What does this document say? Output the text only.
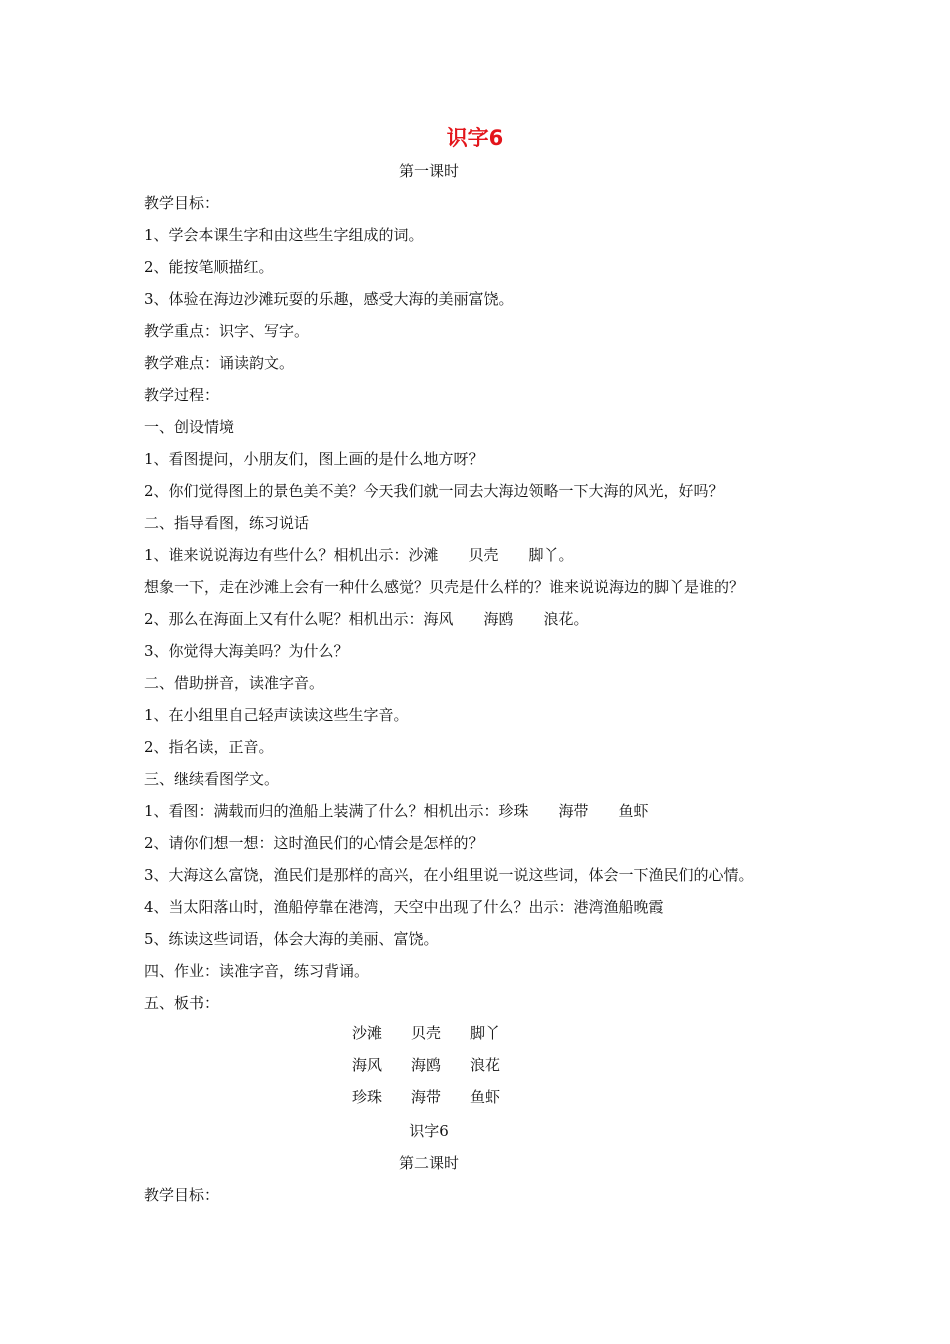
识字6
第一课时
教学目标：
1、学会本课生字和由这些生字组成的词。
2、能按笔顺描红。
3、体验在海边沙滩玩耍的乐趣，感受大海的美丽富饶。
教学重点：识字、写字。
教学难点：诵读韵文。
教学过程：
一、创设情境
1、看图提问，小朋友们，图上画的是什么地方呀？
2、你们觉得图上的景色美不美？今天我们就一同去大海边领略一下大海的风光，好吗？
二、指导看图，练习说话
1、谁来说说海边有些什么？相机出示：沙滩　　贝壳　　脚丫。
想象一下，走在沙滩上会有一种什么感觉？贝壳是什么样的？谁来说说海边的脚丫是谁的？
2、那么在海面上又有什么呢？相机出示：海风　　海鸥　　浪花。
3、你觉得大海美吗？为什么？
二、借助拼音，读准字音。
1、在小组里自己轻声读读这些生字音。
2、指名读，正音。
三、继续看图学文。
1、看图：满载而归的渔船上装满了什么？相机出示：珍珠　　海带　　鱼虾
2、请你们想一想：这时渔民们的心情会是怎样的？
3、大海这么富饶，渔民们是那样的高兴，在小组里说一说这些词，体会一下渔民们的心情。
4、当太阳落山时，渔船停靠在港湾，天空中出现了什么？出示：港湾渔船晚霞
5、练读这些词语，体会大海的美丽、富饶。
四、作业：读准字音，练习背诵。
五、板书：
沙滩 贝壳 脚丫
海风 海鸥 浪花
珍珠 海带 鱼虾
识字6
第二课时
教学目标：
